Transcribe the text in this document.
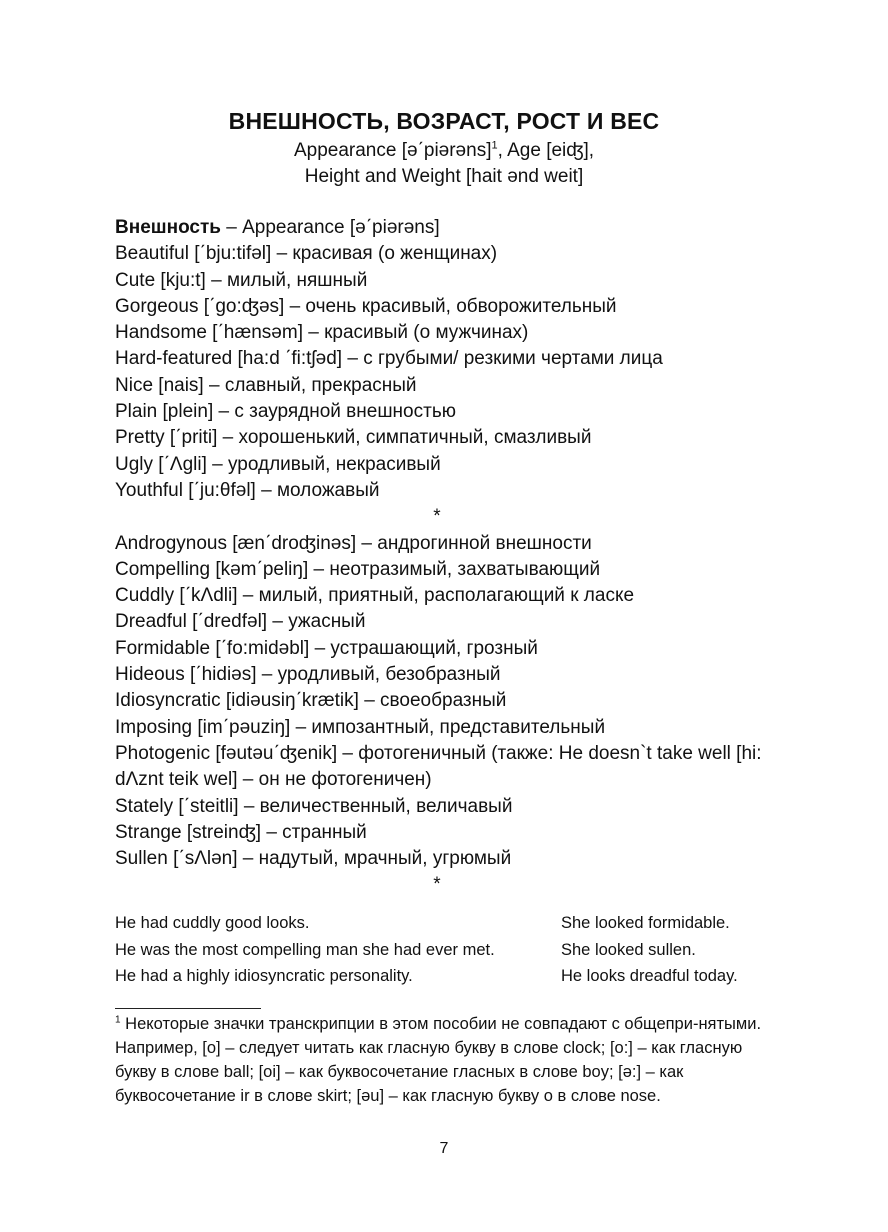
ВНЕШНОСТЬ, ВОЗРАСТ, РОСТ И ВЕС
Appearance [əˊpiərəns]$^1$, Age [eiʤ],
Height and Weight [hait ənd weit]
Внешность – Appearance [əˊpiərəns]
Beautiful [ˊbju:tifəl] – красивая (о женщинах)
Cute [kju:t] – милый, няшный
Gorgeous [ˊgo:ʤəs] – очень красивый, обворожительный
Handsome [ˊhænsəm] – красивый (о мужчинах)
Hard-featured [ha:d ˊfi:tʃəd] – с грубыми/ резкими чертами лица
Nice [nais] – славный, прекрасный
Plain [plein] – с заурядной внешностью
Pretty [ˊpriti] – хорошенький, симпатичный, смазливый
Ugly [ˊΛgli] – уродливый, некрасивый
Youthful [ˊju:θfəl] – моложавый
*
Androgynous [ænˊdroʤinəs] – андрогинной внешности
Compelling [kəmˊpeliŋ] – неотразимый, захватывающий
Cuddly [ˊkΛdli] – милый, приятный, располагающий к ласке
Dreadful [ˊdredfəl] – ужасный
Formidable [ˊfo:midəbl] – устрашающий, грозный
Hideous [ˊhidiəs] – уродливый, безобразный
Idiosyncratic [idiəusiŋˊkrætik] – своеобразный
Imposing [imˊpəuziŋ] – импозантный, представительный
Photogenic [fəutəuˊʤenik] – фотогеничный (также: He doesn`t take well [hi: dΛznt teik wel] – он не фотогеничен)
Stately [ˊsteitli] – величественный, величавый
Strange [streinʤ] – странный
Sullen [ˊsΛlən] – надутый, мрачный, угрюмый
*
He had cuddly good looks.	She looked formidable.
He was the most compelling man she had ever met.	She looked sullen.
He had a highly idiosyncratic personality.	He looks dreadful today.
$^1$ Некоторые значки транскрипции в этом пособии не совпадают с общепри-нятыми. Например, [o] – следует читать как гласную букву в слове clock; [o:] – как гласную букву в слове ball; [oi] – как буквосочетание гласных в слове boy; [ə:] – как буквосочетание ir в слове skirt; [əu] – как гласную букву o в слове nose.
7
